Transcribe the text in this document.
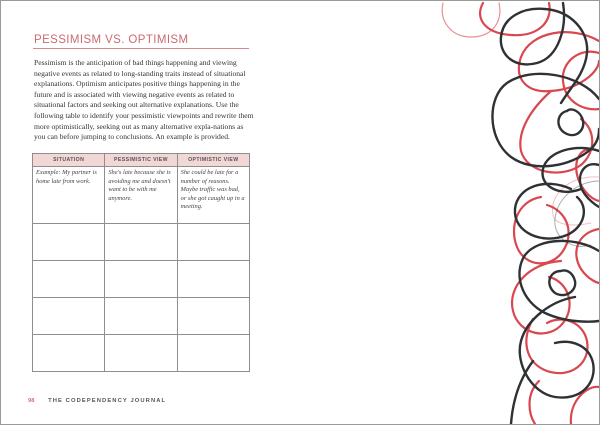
PESSIMISM VS. OPTIMISM
Pessimism is the anticipation of bad things happening and viewing negative events as related to long-standing traits instead of situational explanations. Optimism anticipates positive things happening in the future and is associated with viewing negative events as related to situational factors and seeking out alternative explanations. Use the following table to identify your pessimistic viewpoints and rewrite them more optimistically, seeking out as many alternative expla-nations as you can before jumping to conclusions. An example is provided.
SITUATION	PESSIMISTIC VIEW	OPTIMISTIC VIEW
Example: My partner is home late from work.	She's late because she is avoiding me and doesn't want to be with me anymore.	She could be late for a number of reasons. Maybe traffic was bad, or she got caught up in a meeting.

98 THE CODEPENDENCY JOURNAL
